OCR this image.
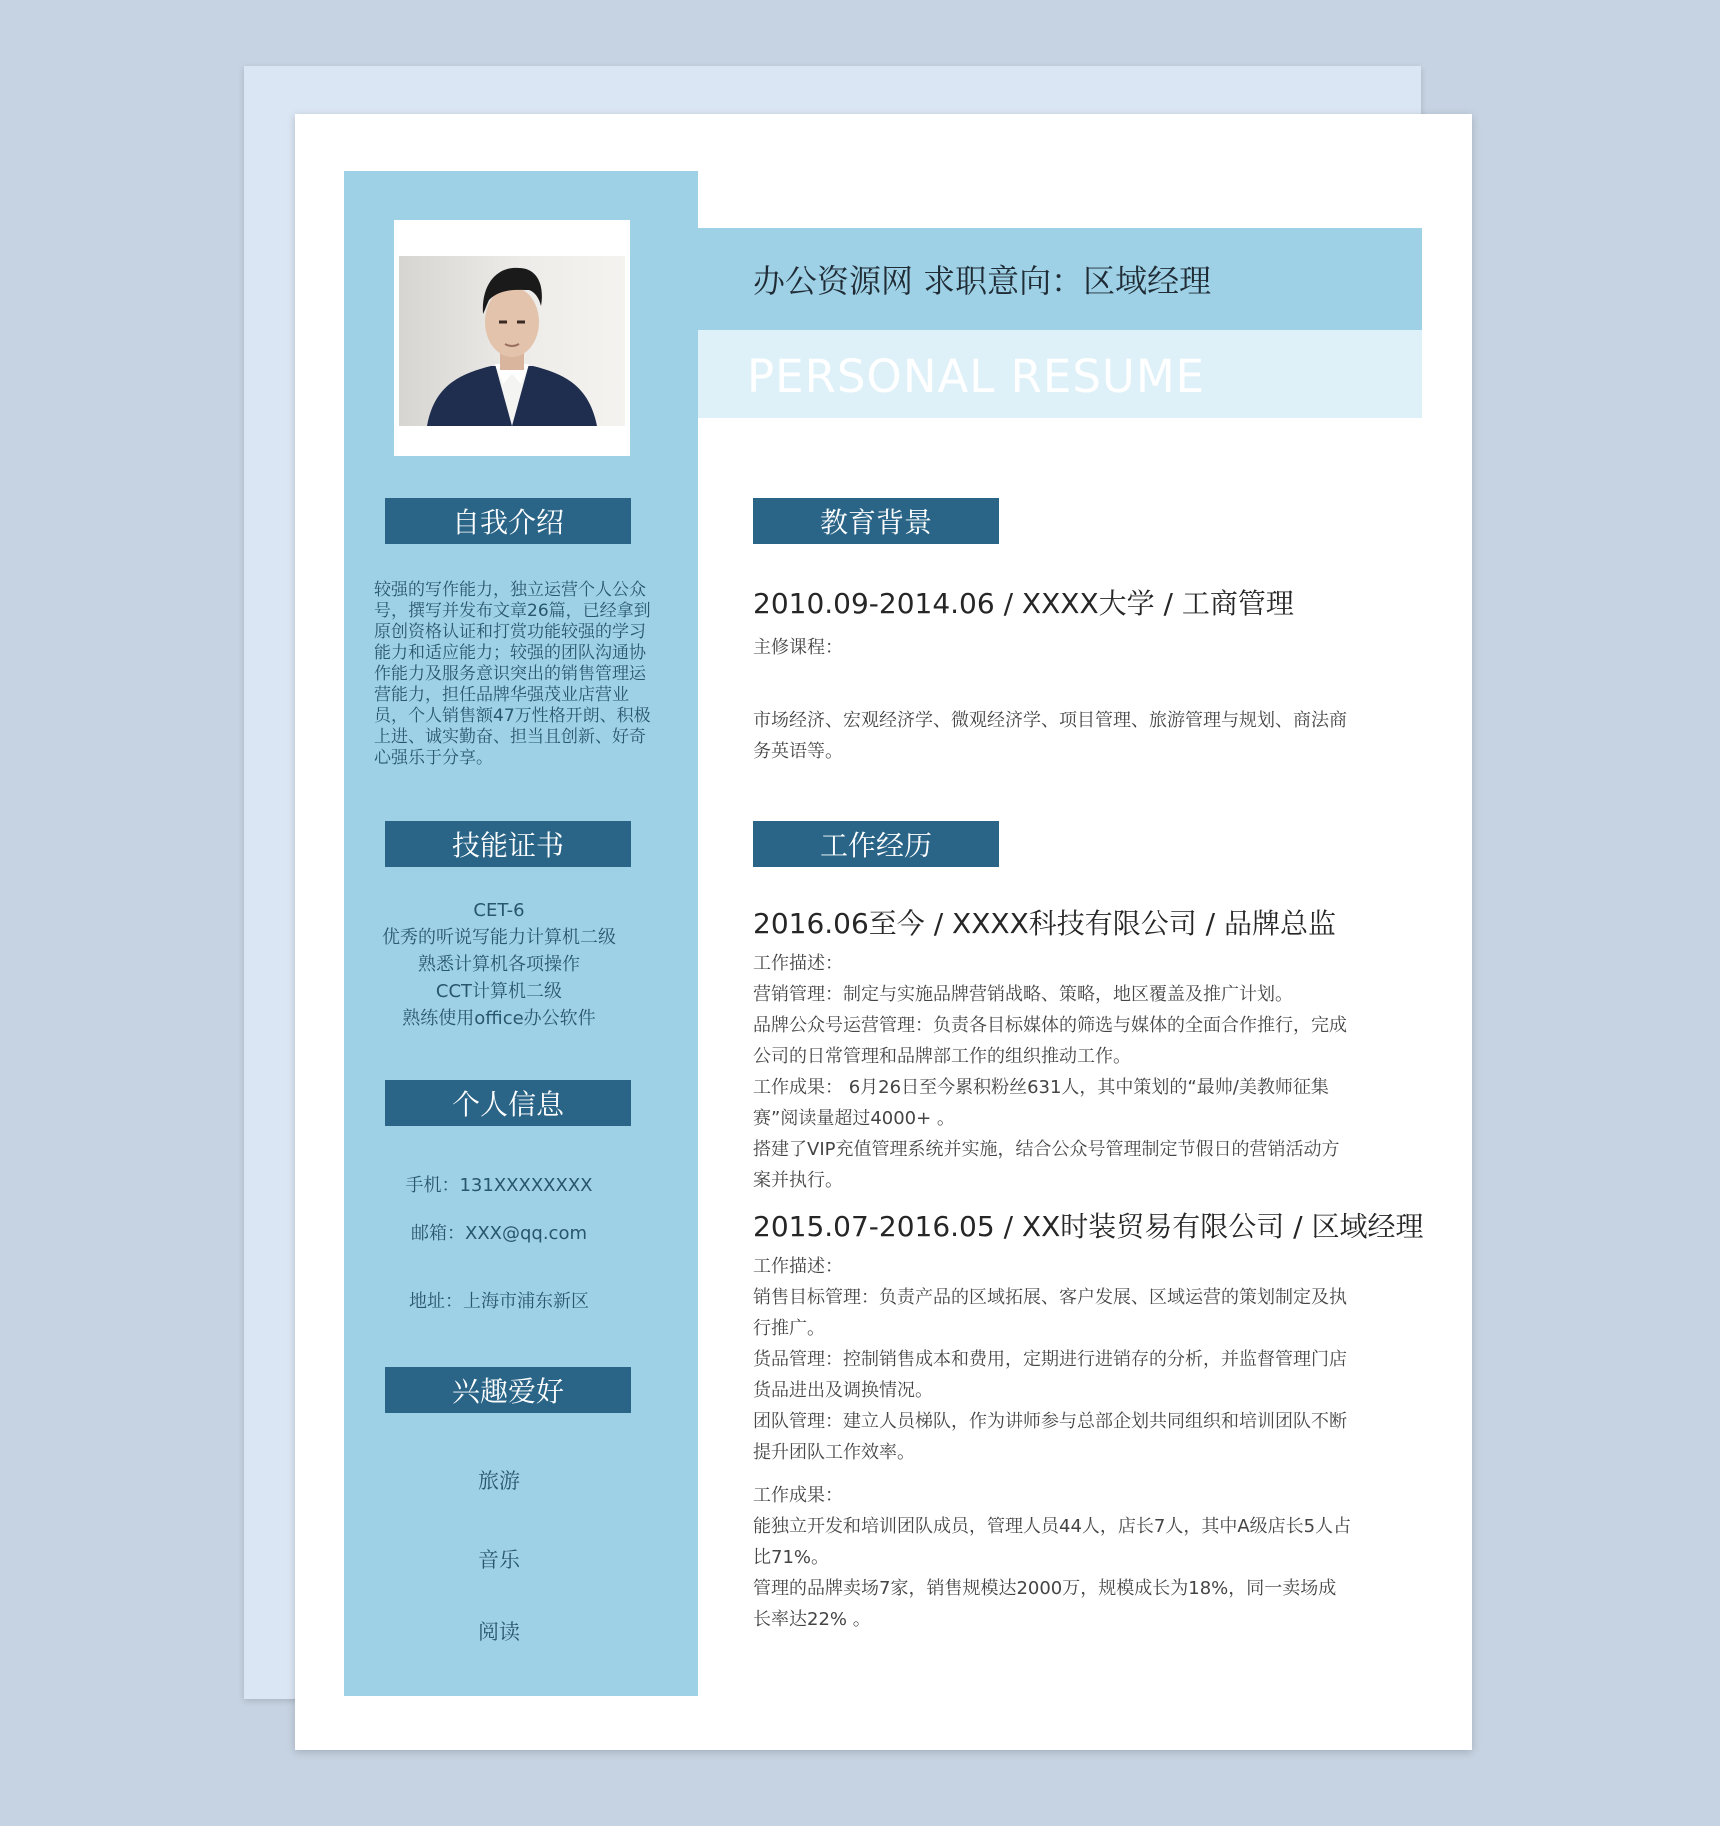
自我介绍
较强的写作能力，独立运营个人公众号，撰写并发布文章26篇，已经拿到原创资格认证和打赏功能较强的学习能力和适应能力；较强的团队沟通协作能力及服务意识突出的销售管理运营能力，担任品牌华强茂业店营业员，个人销售额47万性格开朗、积极上进、诚实勤奋、担当且创新、好奇心强乐于分享。
技能证书
CET-6
优秀的听说写能力计算机二级
熟悉计算机各项操作
CCT计算机二级
熟练使用office办公软件
个人信息
手机：131XXXXXXXX
邮箱：XXX@qq.com
地址：上海市浦东新区
兴趣爱好
旅游
音乐
阅读
办公资源网 求职意向：区域经理
PERSONAL RESUME
教育背景
2010.09-2014.06 / XXXX大学 / 工商管理
主修课程：
市场经济、宏观经济学、微观经济学、项目管理、旅游管理与规划、商法商务英语等。
工作经历
2016.06至今 / XXXX科技有限公司 / 品牌总监
工作描述：
营销管理：制定与实施品牌营销战略、策略，地区覆盖及推广计划。
品牌公众号运营管理：负责各目标媒体的筛选与媒体的全面合作推行，完成公司的日常管理和品牌部工作的组织推动工作。
工作成果： 6月26日至今累积粉丝631人，其中策划的“最帅/美教师征集赛”阅读量超过4000+ 。
搭建了VIP充值管理系统并实施，结合公众号管理制定节假日的营销活动方案并执行。
2015.07-2016.05 / XX时装贸易有限公司 / 区域经理
工作描述：
销售目标管理：负责产品的区域拓展、客户发展、区域运营的策划制定及执行推广。
货品管理：控制销售成本和费用，定期进行进销存的分析，并监督管理门店货品进出及调换情况。
团队管理：建立人员梯队，作为讲师参与总部企划共同组织和培训团队不断提升团队工作效率。
工作成果：
能独立开发和培训团队成员，管理人员44人，店长7人，其中A级店长5人占比71%。
管理的品牌卖场7家，销售规模达2000万，规模成长为18%，同一卖场成长率达22% 。
